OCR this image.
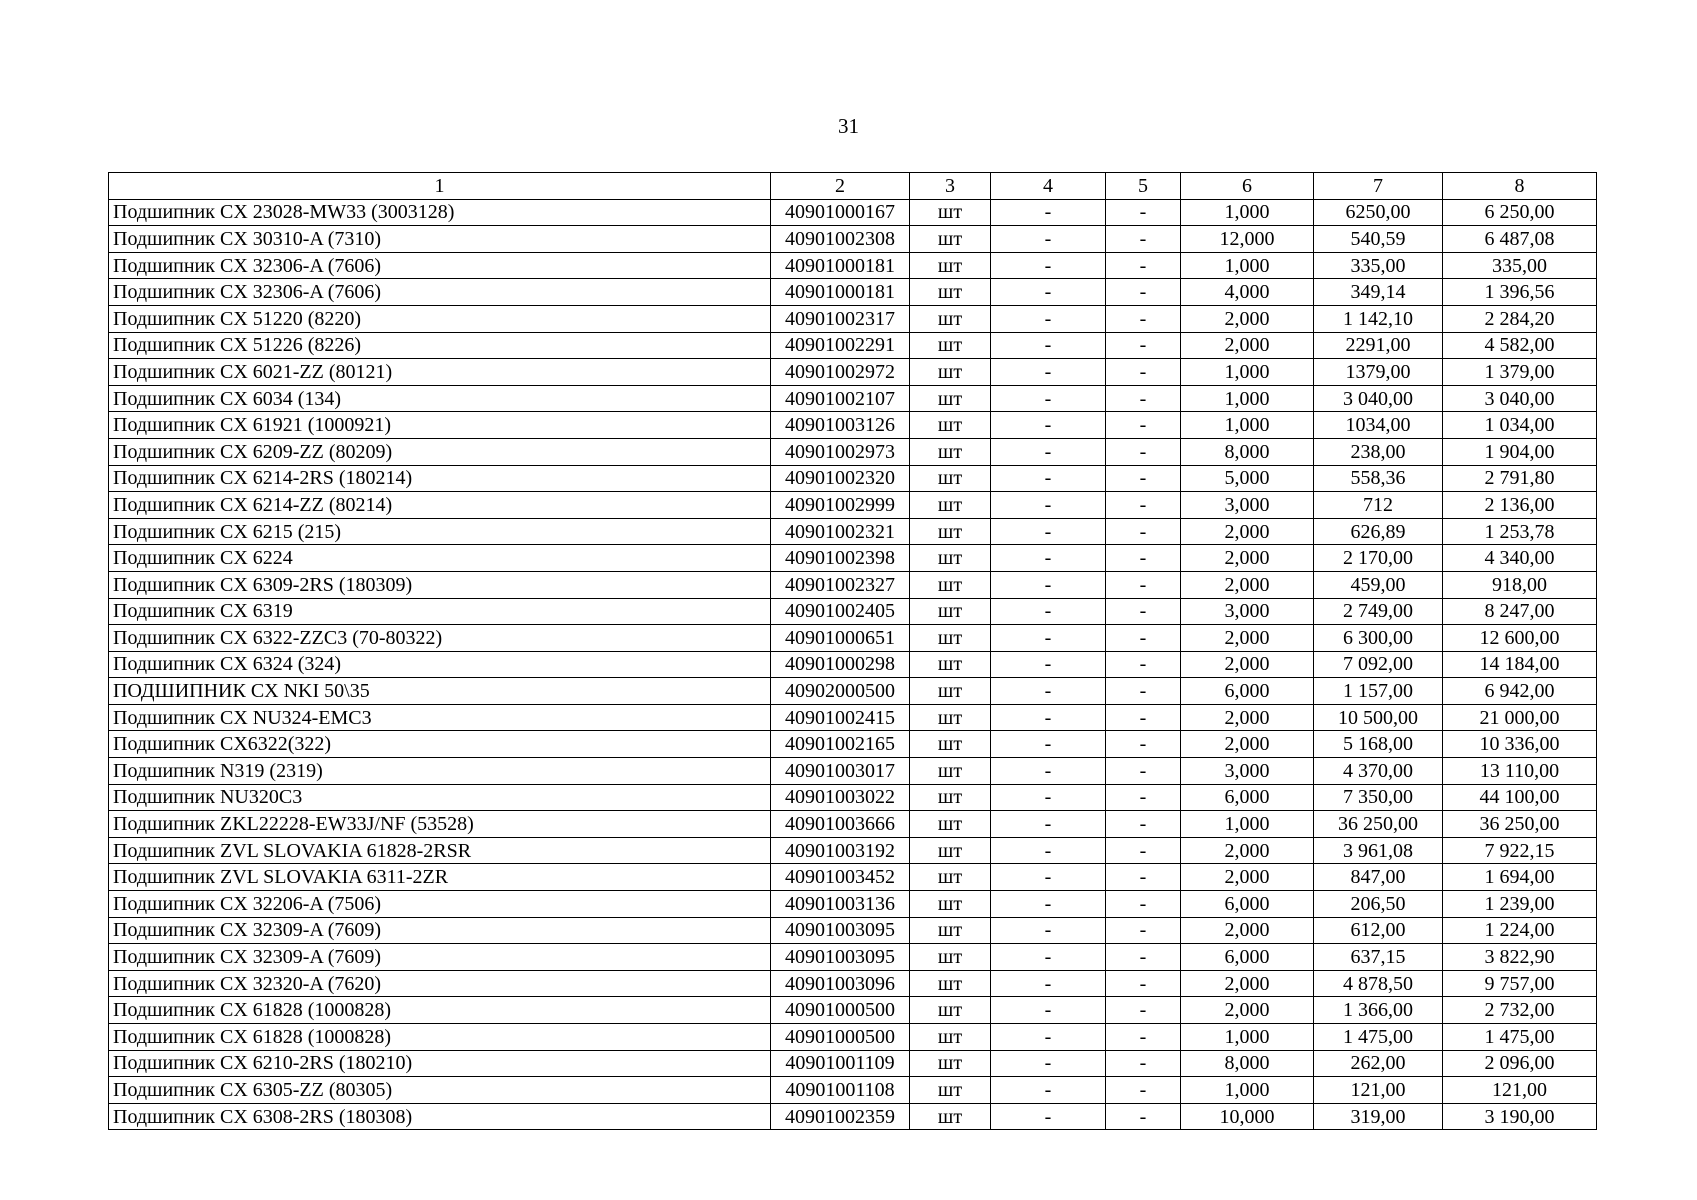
31
1	2	3	4	5	6	7	8
Подшипник CX 23028-MW33 (3003128)	40901000167	шт	-	-	1,000	6250,00	6 250,00
Подшипник CX 30310-A (7310)	40901002308	шт	-	-	12,000	540,59	6 487,08
Подшипник CX 32306-A (7606)	40901000181	шт	-	-	1,000	335,00	335,00
Подшипник CX 32306-A (7606)	40901000181	шт	-	-	4,000	349,14	1 396,56
Подшипник CX 51220 (8220)	40901002317	шт	-	-	2,000	1 142,10	2 284,20
Подшипник CX 51226 (8226)	40901002291	шт	-	-	2,000	2291,00	4 582,00
Подшипник CX 6021-ZZ (80121)	40901002972	шт	-	-	1,000	1379,00	1 379,00
Подшипник CX 6034 (134)	40901002107	шт	-	-	1,000	3 040,00	3 040,00
Подшипник CX 61921 (1000921)	40901003126	шт	-	-	1,000	1034,00	1 034,00
Подшипник CX 6209-ZZ (80209)	40901002973	шт	-	-	8,000	238,00	1 904,00
Подшипник CX 6214-2RS (180214)	40901002320	шт	-	-	5,000	558,36	2 791,80
Подшипник CX 6214-ZZ (80214)	40901002999	шт	-	-	3,000	712	2 136,00
Подшипник CX 6215 (215)	40901002321	шт	-	-	2,000	626,89	1 253,78
Подшипник CX 6224	40901002398	шт	-	-	2,000	2 170,00	4 340,00
Подшипник CX 6309-2RS (180309)	40901002327	шт	-	-	2,000	459,00	918,00
Подшипник CX 6319	40901002405	шт	-	-	3,000	2 749,00	8 247,00
Подшипник CX 6322-ZZC3 (70-80322)	40901000651	шт	-	-	2,000	6 300,00	12 600,00
Подшипник CX 6324 (324)	40901000298	шт	-	-	2,000	7 092,00	14 184,00
ПОДШИПНИК CX NKI 50\35	40902000500	шт	-	-	6,000	1 157,00	6 942,00
Подшипник CX NU324-EMC3	40901002415	шт	-	-	2,000	10 500,00	21 000,00
Подшипник CX6322(322)	40901002165	шт	-	-	2,000	5 168,00	10 336,00
Подшипник N319 (2319)	40901003017	шт	-	-	3,000	4 370,00	13 110,00
Подшипник NU320C3	40901003022	шт	-	-	6,000	7 350,00	44 100,00
Подшипник ZKL22228-EW33J/NF (53528)	40901003666	шт	-	-	1,000	36 250,00	36 250,00
Подшипник ZVL SLOVAKIA 61828-2RSR	40901003192	шт	-	-	2,000	3 961,08	7 922,15
Подшипник ZVL SLOVAKIA 6311-2ZR	40901003452	шт	-	-	2,000	847,00	1 694,00
Подшипник CX 32206-A (7506)	40901003136	шт	-	-	6,000	206,50	1 239,00
Подшипник CX 32309-A (7609)	40901003095	шт	-	-	2,000	612,00	1 224,00
Подшипник CX 32309-A (7609)	40901003095	шт	-	-	6,000	637,15	3 822,90
Подшипник CX 32320-A (7620)	40901003096	шт	-	-	2,000	4 878,50	9 757,00
Подшипник CX 61828 (1000828)	40901000500	шт	-	-	2,000	1 366,00	2 732,00
Подшипник CX 61828 (1000828)	40901000500	шт	-	-	1,000	1 475,00	1 475,00
Подшипник CX 6210-2RS (180210)	40901001109	шт	-	-	8,000	262,00	2 096,00
Подшипник CX 6305-ZZ (80305)	40901001108	шт	-	-	1,000	121,00	121,00
Подшипник CX 6308-2RS (180308)	40901002359	шт	-	-	10,000	319,00	3 190,00
